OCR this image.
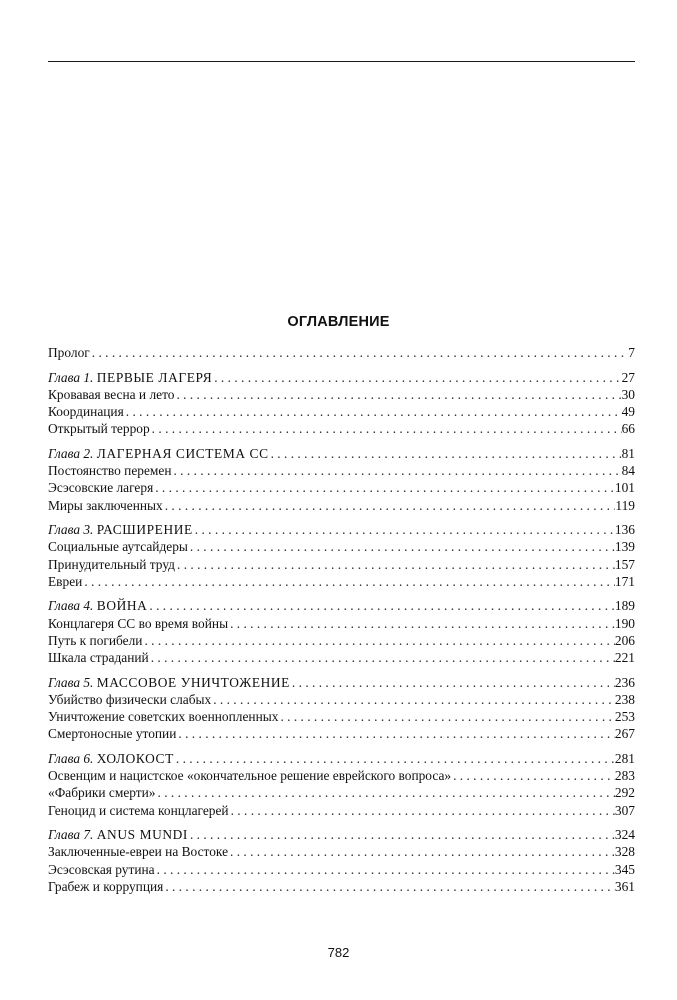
ОГЛАВЛЕНИЕ
Пролог . . .	7
Глава 1. ПЕРВЫЕ ЛАГЕРЯ . . .	27
Кровавая весна и лето . . .	30
Координация . . .	49
Открытый террор . . .	66
Глава 2. ЛАГЕРНАЯ СИСТЕМА СС . . .	81
Постоянство перемен . . .	84
Эсэсовские лагеря . . .	101
Миры заключенных . . .	119
Глава 3. РАСШИРЕНИЕ . . .	136
Социальные аутсайдеры . . .	139
Принудительный труд . . .	157
Евреи . . .	171
Глава 4. ВОЙНА . . .	189
Концлагеря СС во время войны . . .	190
Путь к погибели . . .	206
Шкала страданий . . .	221
Глава 5. МАССОВОЕ УНИЧТОЖЕНИЕ . . .	236
Убийство физически слабых . . .	238
Уничтожение советских военнопленных . . .	253
Смертоносные утопии . . .	267
Глава 6. ХОЛОКОСТ . . .	281
Освенцим и нацистское «окончательное решение еврейского вопроса» . . .	283
«Фабрики смерти» . . .	292
Геноцид и система концлагерей . . .	307
Глава 7. ANUS MUNDI . . .	324
Заключенные-евреи на Востоке . . .	328
Эсэсовская рутина . . .	345
Грабеж и коррупция . . .	361
782
